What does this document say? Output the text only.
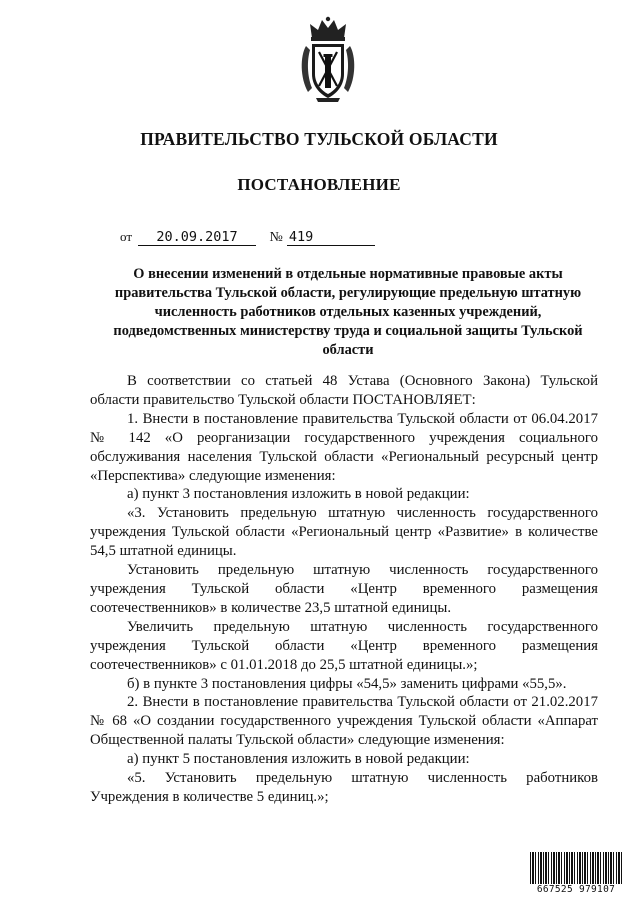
ПРАВИТЕЛЬСТВО ТУЛЬСКОЙ ОБЛАСТИ
ПОСТАНОВЛЕНИЕ
от 20.09.2017 № 419
О внесении изменений в отдельные нормативные правовые акты правительства Тульской области, регулирующие предельную штатную численность работников отдельных казенных учреждений, подведомственных министерству труда и социальной защиты Тульской области

В соответствии со статьей 48 Устава (Основного Закона) Тульской области правительство Тульской области ПОСТАНОВЛЯЕТ:

1. Внести в постановление правительства Тульской области от 06.04.2017 № 142 «О реорганизации государственного учреждения социального обслуживания населения Тульской области «Региональный ресурсный центр «Перспектива» следующие изменения:

а) пункт 3 постановления изложить в новой редакции:

«3. Установить предельную штатную численность государственного учреждения Тульской области «Региональный центр «Развитие» в количестве 54,5 штатной единицы.

Установить предельную штатную численность государственного учреждения Тульской области «Центр временного размещения соотечественников» в количестве 23,5 штатной единицы.

Увеличить предельную штатную численность государственного учреждения Тульской области «Центр временного размещения соотечественников» с 01.01.2018 до 25,5 штатной единицы.»;

б) в пункте 3 постановления цифры «54,5» заменить цифрами «55,5».

2. Внести в постановление правительства Тульской области от 21.02.2017 № 68 «О создании государственного учреждения Тульской области «Аппарат Общественной палаты Тульской области» следующие изменения:

а) пункт 5 постановления изложить в новой редакции:

«5. Установить предельную штатную численность работников Учреждения в количестве 5 единиц.»;

667525 979107
